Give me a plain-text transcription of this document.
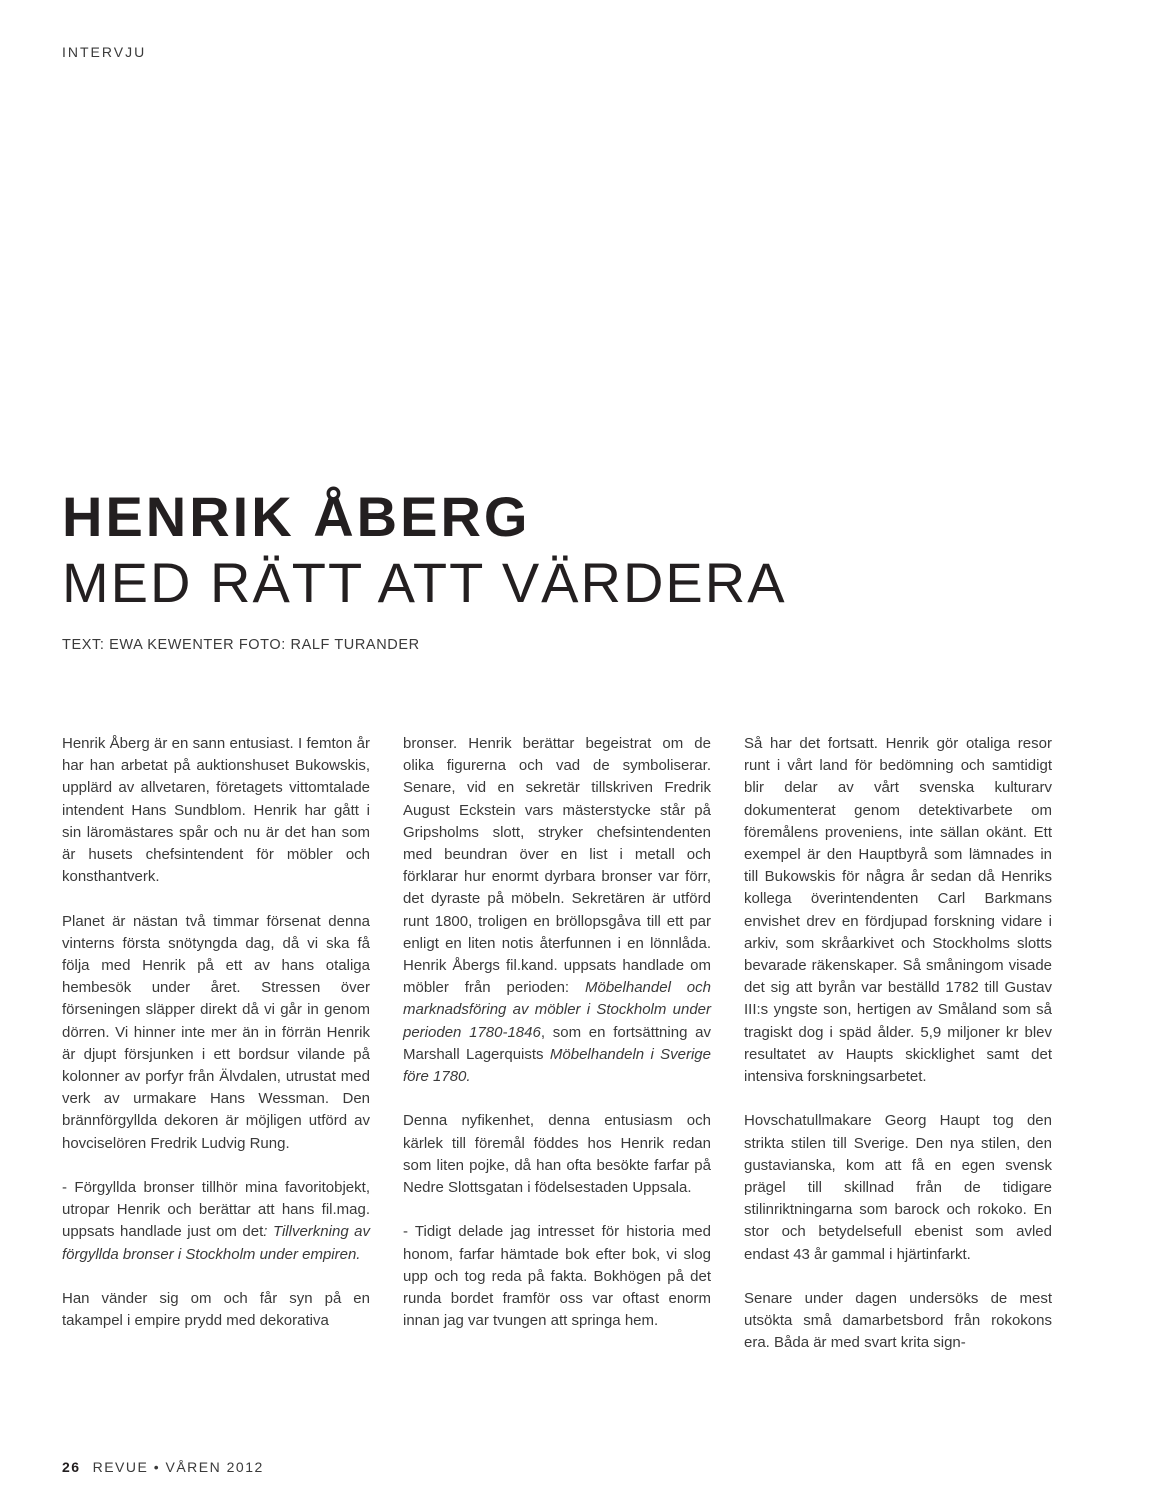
INTERVJU
HENRIK ÅBERG
MED RÄTT ATT VÄRDERA
TEXT: EWA KEWENTER FOTO: RALF TURANDER

Henrik Åberg är en sann entusiast. I femton år har han arbetat på auktionshuset Bukowskis, upplärd av allvetaren, företagets vittomtalade intendent Hans Sundblom. Henrik har gått i sin läromästares spår och nu är det han som är husets chefsintendent för möbler och konsthantverk.

Planet är nästan två timmar försenat denna vinterns första snötyngda dag, då vi ska få följa med Henrik på ett av hans otaliga hembesök under året. Stressen över förseningen släpper direkt då vi går in genom dörren. Vi hinner inte mer än in förrän Henrik är djupt försjunken i ett bordsur vilande på kolonner av porfyr från Älvdalen, utrustat med verk av urmakare Hans Wessman. Den brännförgyllda dekoren är möjligen utförd av hovciselören Fredrik Ludvig Rung.

- Förgyllda bronser tillhör mina favoritobjekt, utropar Henrik och berättar att hans fil.mag. uppsats handlade just om det: Tillverkning av förgyllda bronser i Stockholm under empiren.

Han vänder sig om och får syn på en takampel i empire prydd med dekorativa

bronser. Henrik berättar begeistrat om de olika figurerna och vad de symboliserar. Senare, vid en sekretär tillskriven Fredrik August Eckstein vars mästerstycke står på Gripsholms slott, stryker chefsintendenten med beundran över en list i metall och förklarar hur enormt dyrbara bronser var förr, det dyraste på möbeln. Sekretären är utförd runt 1800, troligen en bröllopsgåva till ett par enligt en liten notis återfunnen i en lönnlåda. Henrik Åbergs fil.kand. uppsats handlade om möbler från perioden: Möbelhandel och marknadsföring av möbler i Stockholm under perioden 1780-1846, som en fortsättning av Marshall Lagerquists Möbelhandeln i Sverige före 1780.

Denna nyfikenhet, denna entusiasm och kärlek till föremål föddes hos Henrik redan som liten pojke, då han ofta besökte farfar på Nedre Slottsgatan i födelsestaden Uppsala.

- Tidigt delade jag intresset för historia med honom, farfar hämtade bok efter bok, vi slog upp och tog reda på fakta. Bokhögen på det runda bordet framför oss var oftast enorm innan jag var tvungen att springa hem.

Så har det fortsatt. Henrik gör otaliga resor runt i vårt land för bedömning och samtidigt blir delar av vårt svenska kulturarv dokumenterat genom detektivarbete om föremålens proveniens, inte sällan okänt. Ett exempel är den Hauptbyrå som lämnades in till Bukowskis för några år sedan då Henriks kollega överintendenten Carl Barkmans envishet drev en fördjupad forskning vidare i arkiv, som skråarkivet och Stockholms slotts bevarade räkenskaper. Så småningom visade det sig att byrån var beställd 1782 till Gustav III:s yngste son, hertigen av Småland som så tragiskt dog i späd ålder. 5,9 miljoner kr blev resultatet av Haupts skicklighet samt det intensiva forskningsarbetet.

Hovschatullmakare Georg Haupt tog den strikta stilen till Sverige. Den nya stilen, den gustavianska, kom att få en egen svensk prägel till skillnad från de tidigare stilinriktningarna som barock och rokoko. En stor och betydelsefull ebenist som avled endast 43 år gammal i hjärtinfarkt.

Senare under dagen undersöks de mest utsökta små damarbetsbord från rokokons era. Båda är med svart krita sign-

26 REVUE • VÅREN 2012
